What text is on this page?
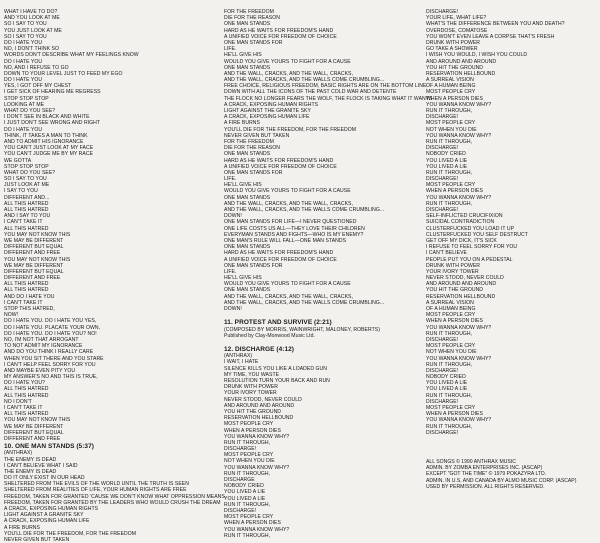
WHAT I HAVE TO DO?
AND YOU LOOK AT ME
SO I SAY TO YOU
YOU JUST LOOK AT ME
SO I SAY TO YOU
DO I HATE YOU
NO, I DON'T THINK SO
WORDS DON'T DESCRIBE WHAT MY FEELINGS KNOW
DO I HATE YOU
NO, AND I REFUSE TO GO
DOWN TO YOUR LEVEL JUST TO FEED MY EGO
DO I HATE YOU
YES, I GOT OFF MY CHEST
I GET SICK OF HEARING ME REGRESS
STOP STOP STOP
LOOKING AT ME
WHAT DO YOU SEE?
I DON'T SEE IN BLACK AND WHITE
I JUST DON'T SEE WRONG AND RIGHT
DO I HATE YOU
THINK, IT TAKES A MAN TO THINK
AND TO ADMIT HIS IGNORANCE
YOU CAN'T JUST LOOK AT MY FACE
YOU CAN'T JUDGE ME BY MY RACE
WE GOTTA
STOP STOP STOP
WHAT DO YOU SEE?
SO I SAY TO YOU
JUST LOOK AT ME
I SAY TO YOU
DIFFERENT AND...
ALL THIS HATRED
ALL THIS HATRED
AND I SAY TO YOU
I CAN'T TAKE IT
ALL THIS HATRED
YOU MAY NOT KNOW THIS
WE MAY BE DIFFERENT
DIFFERENT BUT EQUAL
DIFFERENT AND FREE
YOU MAY NOT KNOW THIS
WE MAY BE DIFFERENT
DIFFERENT BUT EQUAL
DIFFERENT AND FREE
ALL THIS HATRED
ALL THIS HATRED
AND DO I HATE YOU
I CAN'T TAKE IT
STOP THIS HATRED,
NOW!
DO I HATE YOU. DO I HATE YOU YES,
DO I HATE YOU. PLACATE YOUR OWN,
DO I HATE YOU. DO I HATE YOU? NO!
NO, I'M NOT THAT ARROGANT
TO NOT ADMIT MY IGNORANCE
AND DO YOU THINK I REALLY CARE
WHEN YOU SIT THERE AND YOU STARE
I CAN'T HELP FEEL SORRY FOR YOU
AND MAYBE EVEN PITY YOU
MY ANSWER'S NO AND THIS IS TRUE,
DO I HATE YOU?
ALL THIS HATRED
ALL THIS HATRED
NO I DON'T
I CAN'T TAKE IT
ALL THIS HATRED
YOU MAY NOT KNOW THIS
WE MAY BE DIFFERENT
DIFFERENT BUT EQUAL
DIFFERENT AND FREE
10. ONE MAN STANDS (5:37)
(ANTHRAX)
THE ENEMY IS DEAD
I CAN'T BELIEVE WHAT I SAID
THE ENEMY IS DEAD
DO IT ONLY EXIST IN OUR HEAD
SHELTERED FROM THE EVILS OF THE WORLD UNTIL THE TRUTH IS SEEN
SHELTERED FROM REALITIES OF LIFE, YOUR HUMAN RIGHTS ARE FREE
FREEDOM, TAKEN FOR GRANTED 'CAUSE WE DON'T KNOW WHAT OPPRESSION MEANS
FREEDOM, TAKEN FOR GRANTED BY THE LEADERS WHO WOULD CRUSH THE DREAM
A CRACK, EXPOSING HUMAN RIGHTS
LIGHT AGAINST A GRANITE SKY
A CRACK, EXPOSING HUMAN LIFE
A FIRE BURNS
YOU'LL DIE FOR THE FREEDOM, FOR THE FREEDOM
NEVER GIVEN BUT TAKEN
FOR THE FREEDOM
DIE FOR THE REASON
ONE MAN STANDS
HARD AS HE WAITS FOR FREEDOM'S HAND
A UNIFIED VOICE FOR FREEDOM OF CHOICE
ONE MAN STANDS FOR
LIFE.
HE'LL GIVE HIS
WOULD YOU GIVE YOURS TO FIGHT FOR A CAUSE
ONE MAN STANDS
AND THE WALL, CRACKS, AND THE WALL, CRACKS,
AND THE WALL, CRACKS, AND THE WALLS COME CRUMBLING...
FREE CHOICE, RELIGIOUS FREEDOM, BASIC RIGHTS ARE ON THE BOTTOM LINE
DOWN WITH ALL THE ICONS OF THE PAST COLD WAR AND DETENTE
THE FLOCK NO LONGER FEARS THE WOLF, THE FLOCK IS TAKING WHAT IT WANTS
A CRACK, EXPOSING HUMAN RIGHTS
LIGHT AGAINST THE GRANITE SKY
A CRACK, EXPOSING HUMAN LIFE
A FIRE BURNS
YOU'LL DIE FOR THE FREEDOM, FOR THE FREEDOM
NEVER GIVEN BUT TAKEN
FOR THE FREEDOM
DIE FOR THE REASON
ONE MAN STANDS
HARD AS HE WAITS FOR FREEDOM'S HAND
A UNIFIED VOICE FOR FREEDOM OF CHOICE
ONE MAN STANDS FOR
LIFE.
HE'LL GIVE HIS
WOULD YOU GIVE YOURS TO FIGHT FOR A CAUSE
ONE MAN STANDS
AND THE WALL, CRACKS, AND THE WALL, CRACKS,
AND THE WALL, CRACKS, AND THE WALLS COME CRUMBLING...
DOWN!
ONE MAN STANDS FOR LIFE—I NEVER QUESTIONED
ONE LIFE COSTS US ALL—THEY LOVE THEIR CHILDREN
EVERYMAN STANDS AND FIGHTS—WHO IS MY ENEMY?
ONE MAN'S RULE WILL FALL—ONE MAN STANDS
ONE MAN STANDS
HARD AS HE WAITS FOR FREEDOM'S HAND
A UNIFIED VOICE FOR FREEDOM OF CHOICE
ONE MAN STANDS FOR
LIFE.
HE'LL GIVE HIS
WOULD YOU GIVE YOURS TO FIGHT FOR A CAUSE
ONE MAN STANDS
AND THE WALL, CRACKS, AND THE WALL, CRACKS,
AND THE WALL, CRACKS, AND THE WALLS COME CRUMBLING...
DOWN!
11. PROTEST AND SURVIVE (2:21)
(COMPOSED BY MORRIS, WAINWRIGHT, MALONEY, ROBERTS)
Published by Clay-Monwood Music Ltd.
12. DISCHARGE (4:12)
(ANTHRAX)
I WAIT, I HATE
SILENCE KILLS YOU LIKE A LOADED GUN
MY TIME, YOU WASTE
RESOLUTION TURN YOUR BACK AND RUN
DRUNK WITH POWER
YOUR IVORY TOWER
NEVER STOOD, NEVER COULD
AND AROUND AND AROUND
YOU HIT THE GROUND
RESERVATION HELLBOUND
MOST PEOPLE CRY
WHEN A PERSON DIES
YOU WANNA KNOW WHY?
RUN IT THROUGH,
DISCHARGE!
MOST PEOPLE CRY
NOT WHEN YOU DIE
YOU WANNA KNOW WHY?
RUN IT THROUGH,
DISCHARGE
NOBODY CRIED
YOU LIVED A LIE
YOU LIVED A LIE
RUN IT THROUGH,
DISCHARGE!
MOST PEOPLE CRY
WHEN A PERSON DIES
YOU WANNA KNOW WHY?
RUN IT THROUGH,
DISCHARGE!
YOUR LIFE, WHAT LIFE?
WHAT'S THE DIFFERENCE BETWEEN YOU AND DEATH?
OVERDOSE, COMATOSE
YOU WON'T EVEN LEAVE A CORPSE THAT'S FRESH
DRUNK WITH POWER
GO TAKE A SHOWER
I WISH YOU WOULD, I WISH YOU COULD
AND AROUND AND AROUND
YOU HIT THE GROUND
RESERVATION HELLBOUND
A SURREAL VISION
OF A HUMAN BEING
MOST PEOPLE CRY
WHEN A PERSON DIES
YOU WANNA KNOW WHY?
RUN IT THROUGH,
DISCHARGE!
MOST PEOPLE CRY
NOT WHEN YOU DIE
YOU WANNA KNOW WHY?
RUN IT THROUGH,
DISCHARGE!
NOBODY CRIED
YOU LIVED A LIE
YOU LIVED A LIE
RUN IT THROUGH,
DISCHARGE!
MOST PEOPLE CRY
WHEN A PERSON DIES
YOU WANNA KNOW WHY?
RUN IT THROUGH,
DISCHARGE!
SELF-INFLICTED CRUCIFIXION
SUICIDAL CONTRADICTION
CLUSTERFUCKED YOU LOAD IT UP
CLUSTERFUCKED YOU SELF DESTRUCT
GET OFF MY DICK, IT'S SICK
I REFUSE TO FEEL SORRY FOR YOU
I CAN'T BELIEVE
PEOPLE PUT YOU ON A PEDESTAL
DRUNK WITH POWER
YOUR IVORY TOWER
NEVER STOOD, NEVER COULD
AND AROUND AND AROUND
YOU HIT THE GROUND
RESERVATION HELLBOUND
A SURREAL VISION
OF A HUMAN BEING
MOST PEOPLE CRY
WHEN A PERSON DIES
YOU WANNA KNOW WHY?
RUN IT THROUGH,
DISCHARGE!
MOST PEOPLE CRY
NOT WHEN YOU DIE
YOU WANNA KNOW WHY?
RUN IT THROUGH,
DISCHARGE!
NOBODY CRIED
YOU LIVED A LIE
YOU LIVED A LIE
RUN IT THROUGH,
DISCHARGE!
MOST PEOPLE CRY
WHEN A PERSON DIES
YOU WANNA KNOW WHY?
RUN IT THROUGH,
DISCHARGE!
ALL SONGS © 1990 ANTHRAX MUSIC
ADMIN. BY ZOMBA ENTERPRISES INC. (ASCAP)
EXCEPT "GOT THE TIME" © 1979 POKAZYRA LTD.
ADMIN. IN U.S. AND CANADA BY ALMO MUSIC CORP. (ASCAP)
USED BY PERMISSION. ALL RIGHTS RESERVED.
